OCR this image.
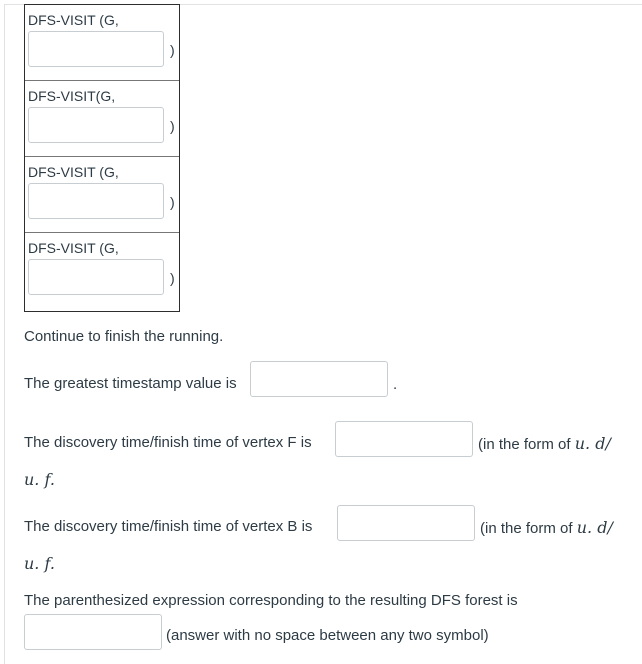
DFS-VISIT (G,
)
DFS-VISIT(G,
)
DFS-VISIT (G,
)
DFS-VISIT (G,
)
Continue to finish the running.
The greatest timestamp value is	.
The discovery time/finish time of vertex F is	(in the form of u. d/
u. f.
The discovery time/finish time of vertex B is	(in the form of u. d/
u. f.
The parenthesized expression corresponding to the resulting DFS forest is
(answer with no space between any two symbol)
